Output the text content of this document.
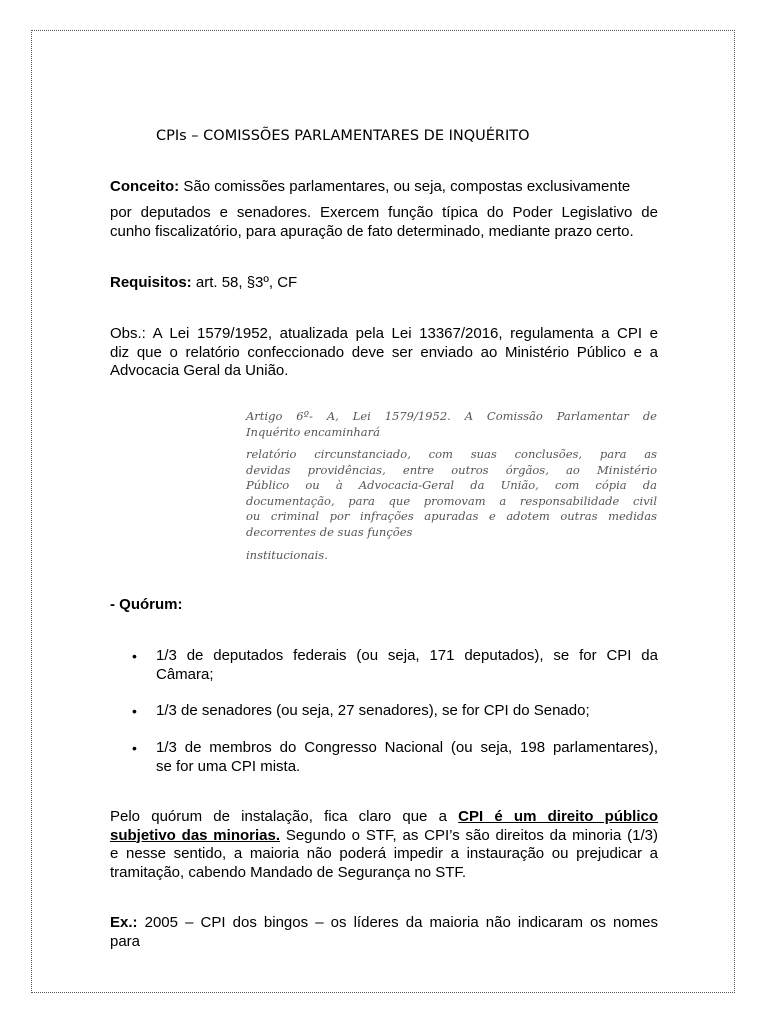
CPIs – COMISSÕES PARLAMENTARES DE INQUÉRITO
Conceito: São comissões parlamentares, ou seja, compostas exclusivamente
por deputados e senadores. Exercem função típica do Poder Legislativo de
cunho fiscalizatório, para apuração de fato determinado, mediante prazo certo.
Requisitos: art. 58, §3º, CF
Obs.: A Lei 1579/1952, atualizada pela Lei 13367/2016, regulamenta a CPI e
diz que o relatório confeccionado deve ser enviado ao Ministério Público e a
Advocacia Geral da União.
Artigo 6º- A, Lei 1579/1952. A Comissão Parlamentar de
Inquérito encaminhará
relatório circunstanciado, com suas conclusões, para as
devidas providências, entre outros órgãos, ao Ministério
Público ou à Advocacia-Geral da União, com cópia da
documentação, para que promovam a responsabilidade civil
ou criminal por infrações apuradas e adotem outras medidas
decorrentes de suas funções
institucionais.
- Quórum:
• 1/3 de deputados federais (ou seja, 171 deputados), se for CPI da
Câmara;
• 1/3 de senadores (ou seja, 27 senadores), se for CPI do Senado;
• 1/3 de membros do Congresso Nacional (ou seja, 198 parlamentares),
se for uma CPI mista.
Pelo quórum de instalação, fica claro que a CPI é um direito público
subjetivo das minorias. Segundo o STF, as CPI’s são direitos da minoria (1/3)
e nesse sentido, a maioria não poderá impedir a instauração ou prejudicar a
tramitação, cabendo Mandado de Segurança no STF.
Ex.: 2005 – CPI dos bingos – os líderes da maioria não indicaram os nomes
para
